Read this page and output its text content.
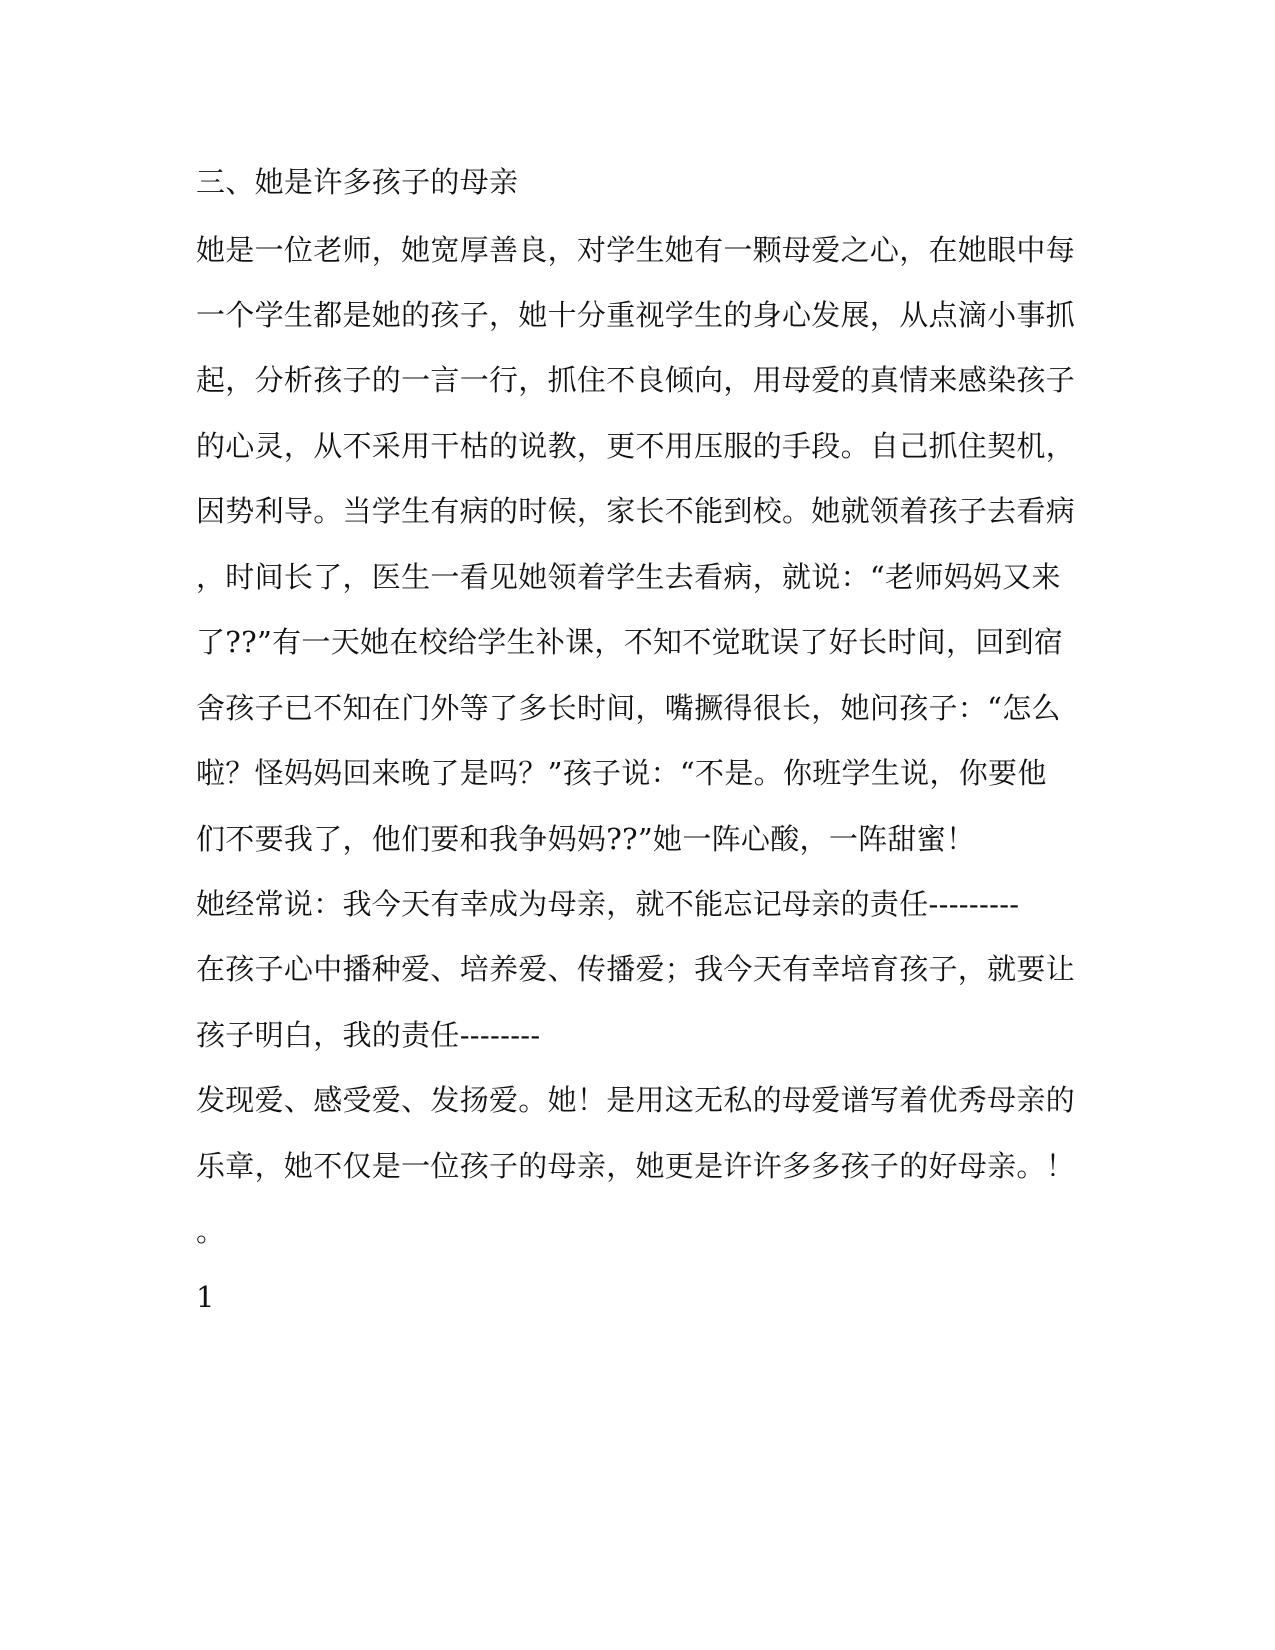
三、她是许多孩子的母亲
她是一位老师，她宽厚善良，对学生她有一颗母爱之心，在她眼中每
一个学生都是她的孩子，她十分重视学生的身心发展，从点滴小事抓
起，分析孩子的一言一行，抓住不良倾向，用母爱的真情来感染孩子
的心灵，从不采用干枯的说教，更不用压服的手段。自己抓住契机，
因势利导。当学生有病的时候，家长不能到校。她就领着孩子去看病
，时间长了，医生一看见她领着学生去看病，就说：“老师妈妈又来
了??”有一天她在校给学生补课，不知不觉耽误了好长时间，回到宿
舍孩子已不知在门外等了多长时间，嘴撅得很长，她问孩子：“怎么
啦？怪妈妈回来晚了是吗？”孩子说：“不是。你班学生说，你要他
们不要我了，他们要和我争妈妈??”她一阵心酸，一阵甜蜜！
她经常说：我今天有幸成为母亲，就不能忘记母亲的责任---------
在孩子心中播种爱、培养爱、传播爱；我今天有幸培育孩子，就要让
孩子明白，我的责任--------
发现爱、感受爱、发扬爱。她！是用这无私的母爱谱写着优秀母亲的
乐章，她不仅是一位孩子的母亲，她更是许许多多孩子的好母亲。！
。
1
